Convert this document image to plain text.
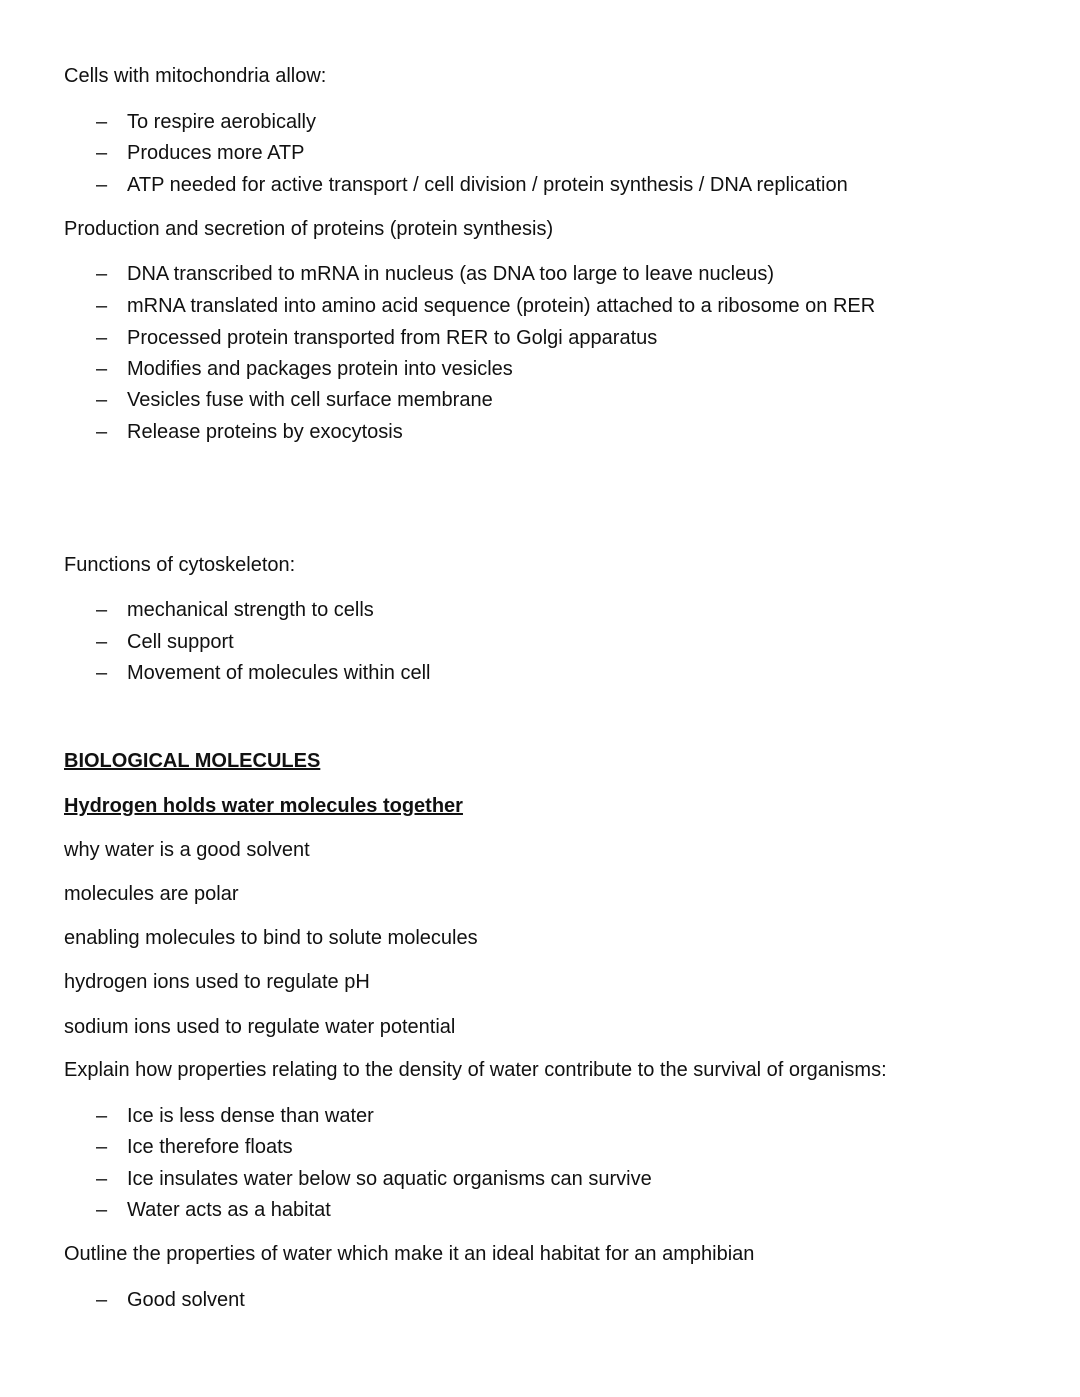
Cells with mitochondria allow:
– To respire aerobically
– Produces more ATP
– ATP needed for active transport / cell division / protein synthesis / DNA replication
Production and secretion of proteins (protein synthesis)
– DNA transcribed to mRNA in nucleus (as DNA too large to leave nucleus)
– mRNA translated into amino acid sequence (protein) attached to a ribosome on RER
– Processed protein transported from RER to Golgi apparatus
– Modifies and packages protein into vesicles
– Vesicles fuse with cell surface membrane
– Release proteins by exocytosis
Functions of cytoskeleton:
– mechanical strength to cells
– Cell support
– Movement of molecules within cell
BIOLOGICAL MOLECULES
Hydrogen holds water molecules together
why water is a good solvent
molecules are polar
enabling molecules to bind to solute molecules
hydrogen ions used to regulate pH
sodium ions used to regulate water potential
Explain how properties relating to the density of water contribute to the survival of organisms:
– Ice is less dense than water
– Ice therefore floats
– Ice insulates water below so aquatic organisms can survive
– Water acts as a habitat
Outline the properties of water which make it an ideal habitat for an amphibian
– Good solvent
